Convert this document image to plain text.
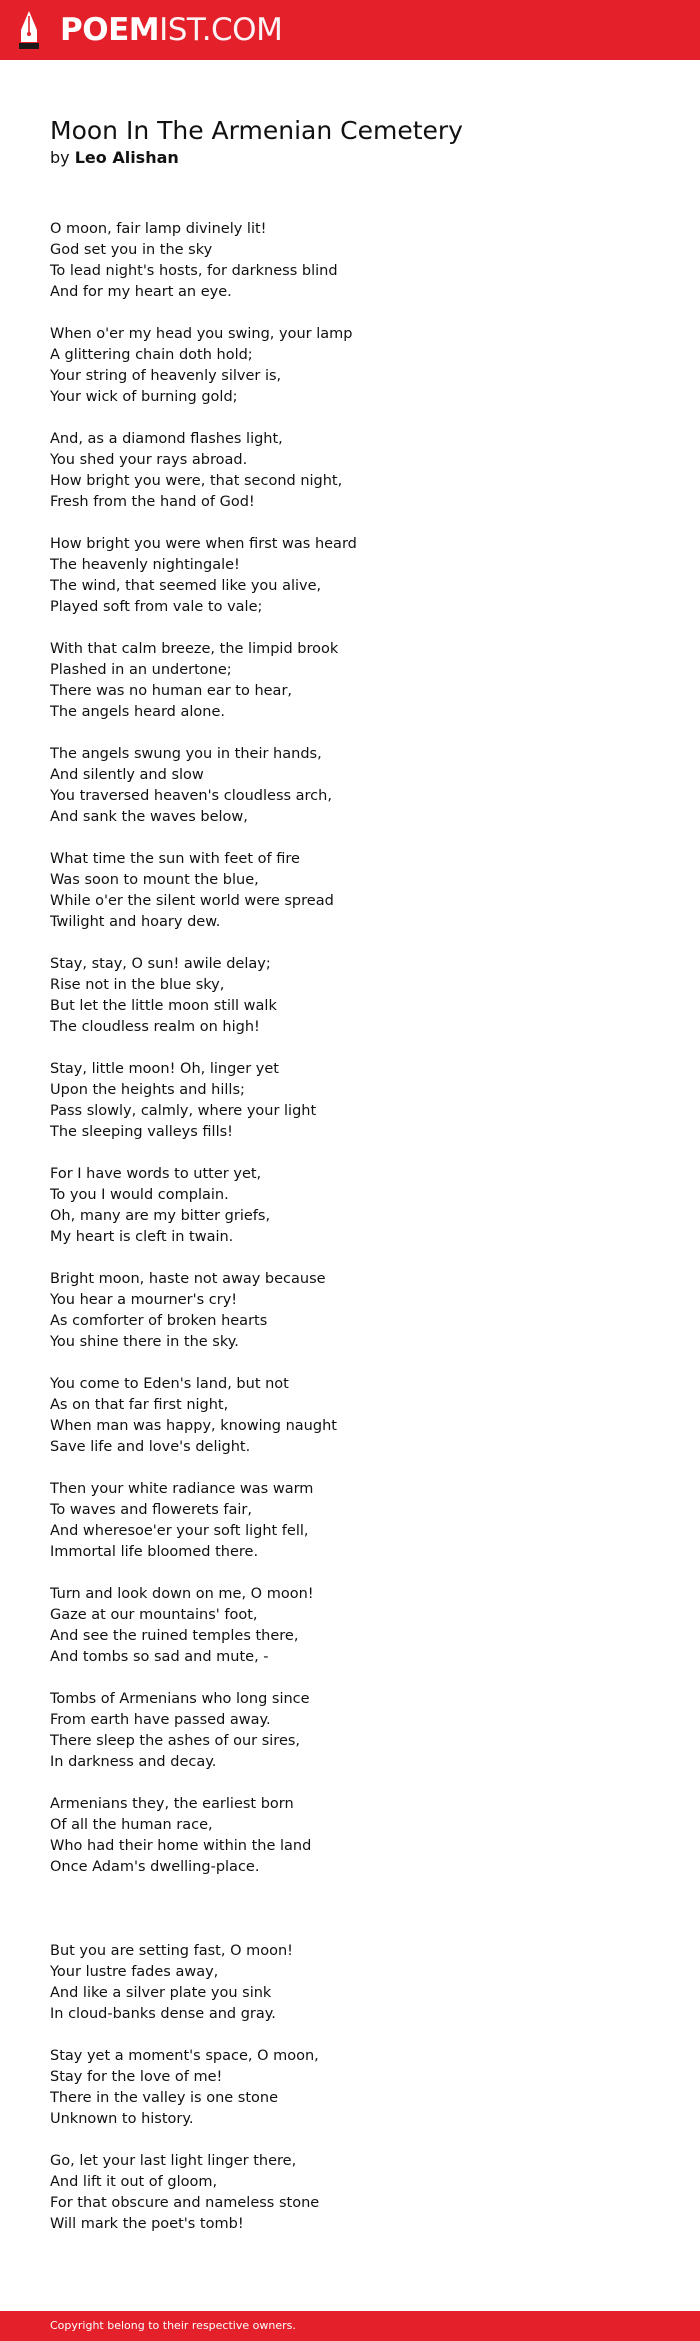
POEMIST.COM
Moon In The Armenian Cemetery
by Leo Alishan
O moon, fair lamp divinely lit!
God set you in the sky
To lead night's hosts, for darkness blind
And for my heart an eye.
When o'er my head you swing, your lamp
A glittering chain doth hold;
Your string of heavenly silver is,
Your wick of burning gold;
And, as a diamond flashes light,
You shed your rays abroad.
How bright you were, that second night,
Fresh from the hand of God!
How bright you were when first was heard
The heavenly nightingale!
The wind, that seemed like you alive,
Played soft from vale to vale;
With that calm breeze, the limpid brook
Plashed in an undertone;
There was no human ear to hear,
The angels heard alone.
The angels swung you in their hands,
And silently and slow
You traversed heaven's cloudless arch,
And sank the waves below,
What time the sun with feet of fire
Was soon to mount the blue,
While o'er the silent world were spread
Twilight and hoary dew.
Stay, stay, O sun! awile delay;
Rise not in the blue sky,
But let the little moon still walk
The cloudless realm on high!
Stay, little moon! Oh, linger yet
Upon the heights and hills;
Pass slowly, calmly, where your light
The sleeping valleys fills!
For I have words to utter yet,
To you I would complain.
Oh, many are my bitter griefs,
My heart is cleft in twain.
Bright moon, haste not away because
You hear a mourner's cry!
As comforter of broken hearts
You shine there in the sky.
You come to Eden's land, but not
As on that far first night,
When man was happy, knowing naught
Save life and love's delight.
Then your white radiance was warm
To waves and flowerets fair,
And wheresoe'er your soft light fell,
Immortal life bloomed there.
Turn and look down on me, O moon!
Gaze at our mountains' foot,
And see the ruined temples there,
And tombs so sad and mute, -
Tombs of Armenians who long since
From earth have passed away.
There sleep the ashes of our sires,
In darkness and decay.
Armenians they, the earliest born
Of all the human race,
Who had their home within the land
Once Adam's dwelling-place.
But you are setting fast, O moon!
Your lustre fades away,
And like a silver plate you sink
In cloud-banks dense and gray.
Stay yet a moment's space, O moon,
Stay for the love of me!
There in the valley is one stone
Unknown to history.
Go, let your last light linger there,
And lift it out of gloom,
For that obscure and nameless stone
Will mark the poet's tomb!
Copyright belong to their respective owners.
